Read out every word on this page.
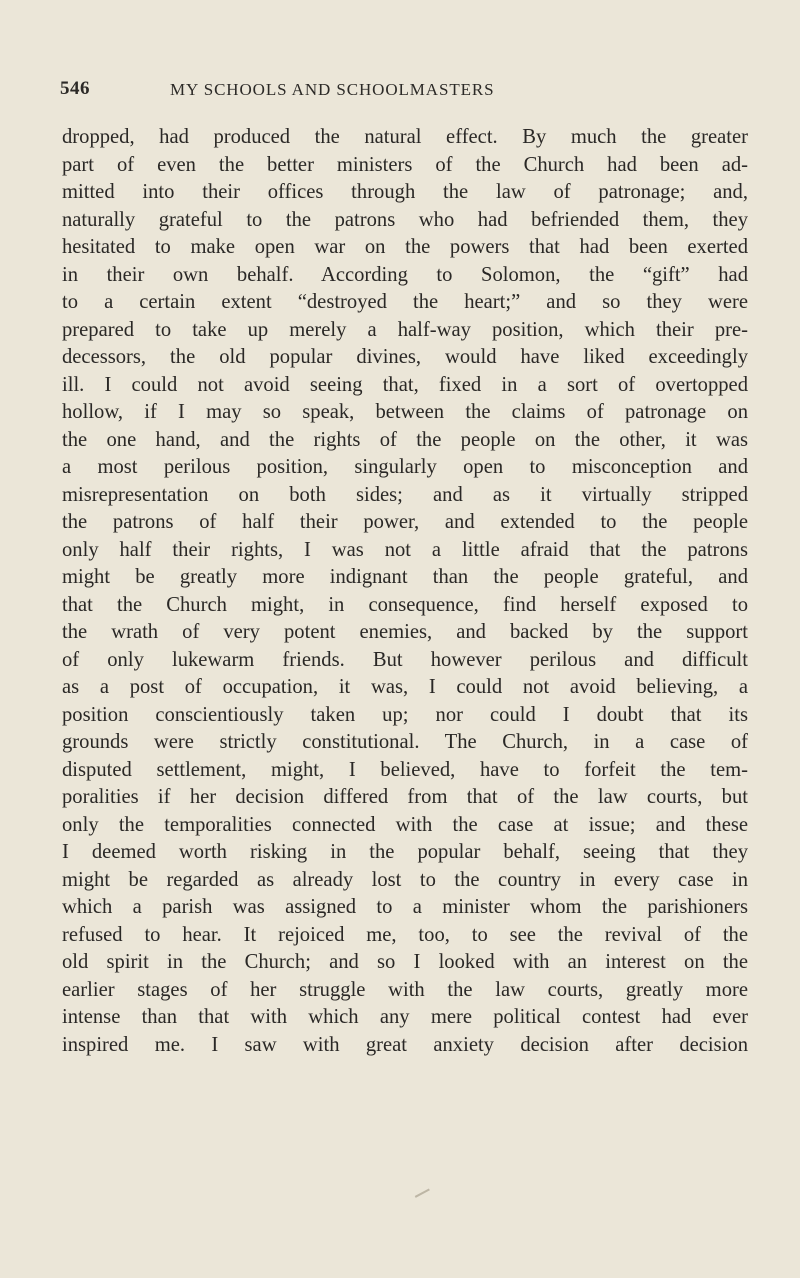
546	MY SCHOOLS AND SCHOOLMASTERS
dropped, had produced the natural effect. By much the greater
part of even the better ministers of the Church had been ad-
mitted into their offices through the law of patronage; and,
naturally grateful to the patrons who had befriended them, they
hesitated to make open war on the powers that had been exerted
in their own behalf. According to Solomon, the “gift” had
to a certain extent “destroyed the heart;” and so they were
prepared to take up merely a half-way position, which their pre-
decessors, the old popular divines, would have liked exceedingly
ill. I could not avoid seeing that, fixed in a sort of overtopped
hollow, if I may so speak, between the claims of patronage on
the one hand, and the rights of the people on the other, it was
a most perilous position, singularly open to misconception and
misrepresentation on both sides; and as it virtually stripped
the patrons of half their power, and extended to the people
only half their rights, I was not a little afraid that the patrons
might be greatly more indignant than the people grateful, and
that the Church might, in consequence, find herself exposed to
the wrath of very potent enemies, and backed by the support
of only lukewarm friends. But however perilous and difficult
as a post of occupation, it was, I could not avoid believing, a
position conscientiously taken up; nor could I doubt that its
grounds were strictly constitutional. The Church, in a case of
disputed settlement, might, I believed, have to forfeit the tem-
poralities if her decision differed from that of the law courts, but
only the temporalities connected with the case at issue; and these
I deemed worth risking in the popular behalf, seeing that they
might be regarded as already lost to the country in every case in
which a parish was assigned to a minister whom the parishioners
refused to hear. It rejoiced me, too, to see the revival of the
old spirit in the Church; and so I looked with an interest on the
earlier stages of her struggle with the law courts, greatly more
intense than that with which any mere political contest had ever
inspired me. I saw with great anxiety decision after decision
